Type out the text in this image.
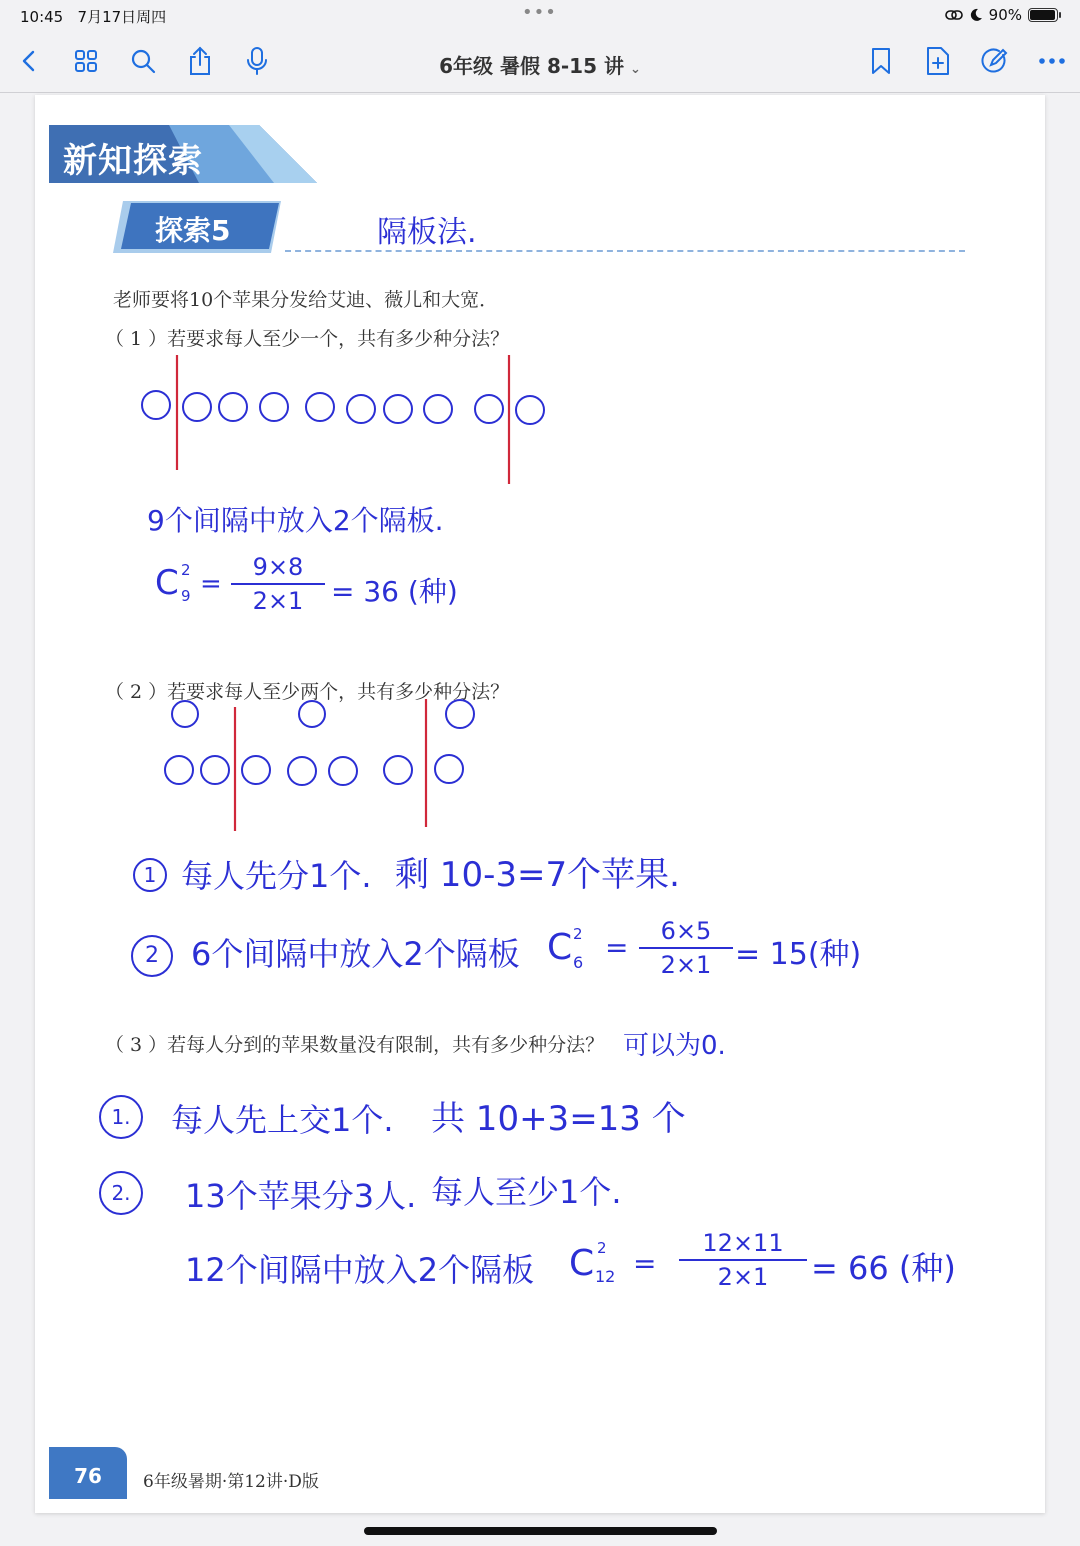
10:45 7月17日周四	•••	90%
6年级 暑假 8-15 讲 ⌄
新知探索
探索5	隔板法.
老师要将10个苹果分发给艾迪、薇儿和大宽．
（ 1 ）若要求每人至少一个，共有多少种分法？
9个间隔中放入2个隔板.
C 2
$9 = \frac{9\times 8}{2\times 1} = 36$ (种)
（ 2 ）若要求每人至少两个，共有多少种分法？
1 每人先分1个. 剩 10-3=7个苹果.
2	6个间隔中放入2个隔板 C 2
$6 = \frac{6\times 5}{2\times 1} = 15$(种)
（ 3 ）若每人分到的苹果数量没有限制，共有多少种分法？ 可以为0.
1.	每人先上交1个. 共 10+3=13 个
2.	13个苹果分3人. 每人至少1个.
12个间隔中放入2个隔板 C 2
$12 = \frac{12\times 11}{2\times 1} = 66$ (种)
76	6年级暑期·第12讲·D版
